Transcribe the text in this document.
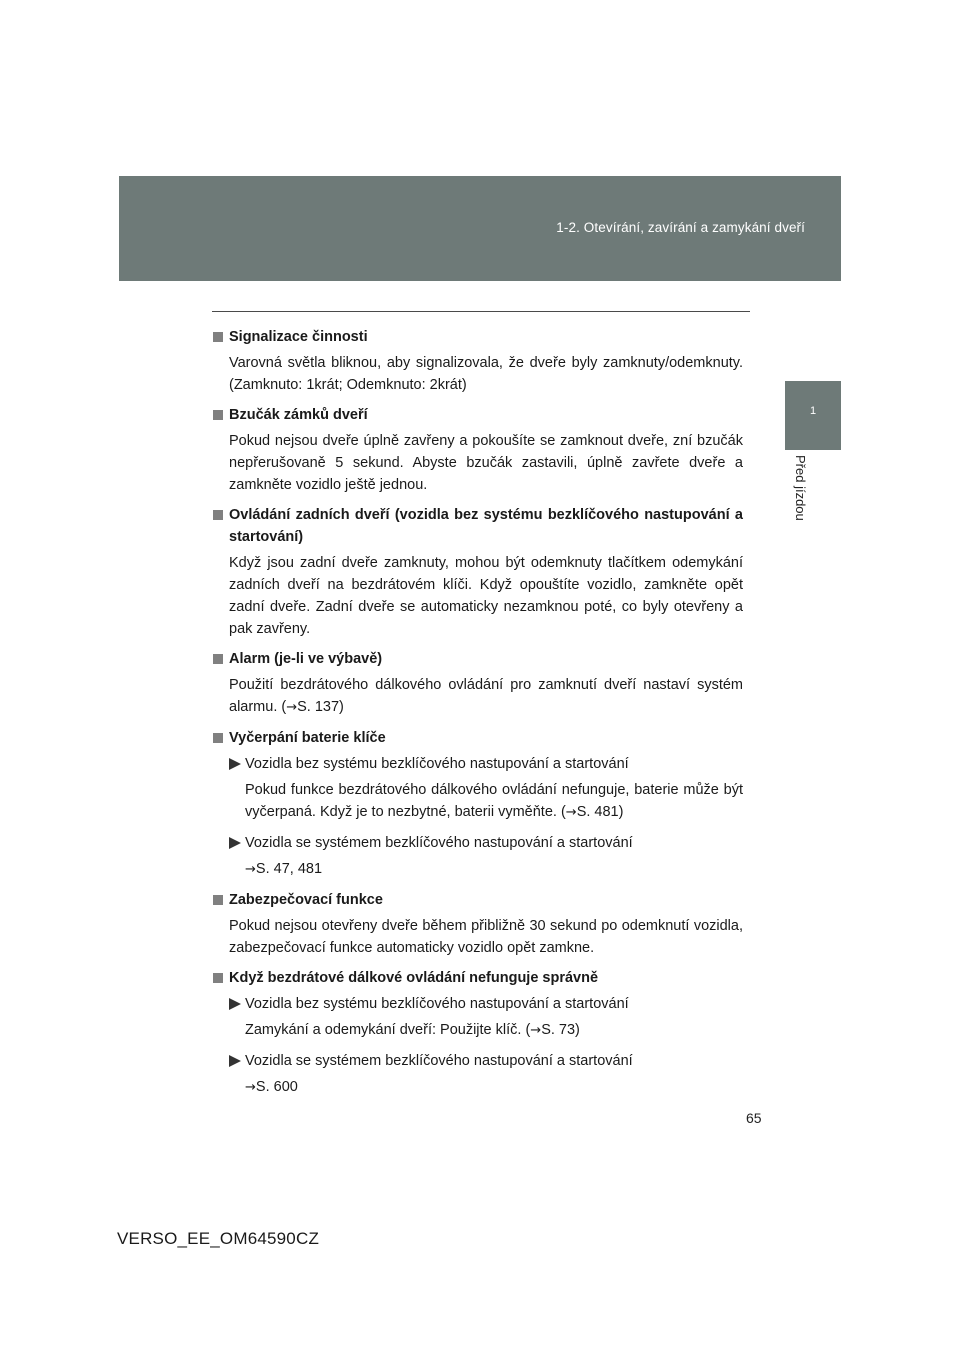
1-2. Otevírání, zavírání a zamykání dveří
1
Před jízdou
Signalizace činnosti

Varovná světla bliknou, aby signalizovala, že dveře byly zamknuty/odemknuty. (Zamknuto: 1krát; Odemknuto: 2krát)

Bzučák zámků dveří

Pokud nejsou dveře úplně zavřeny a pokoušíte se zamknout dveře, zní bzučák nepřerušovaně 5 sekund. Abyste bzučák zastavili, úplně zavřete dveře a zamkněte vozidlo ještě jednou.

Ovládání zadních dveří (vozidla bez systému bezklíčového nastupování a startování)

Když jsou zadní dveře zamknuty, mohou být odemknuty tlačítkem odemykání zadních dveří na bezdrátovém klíči. Když opouštíte vozidlo, zamkněte opět zadní dveře. Zadní dveře se automaticky nezamknou poté, co byly otevřeny a pak zavřeny.

Alarm (je-li ve výbavě)

Použití bezdrátového dálkového ovládání pro zamknutí dveří nastaví systém alarmu. (→S. 137)

Vyčerpání baterie klíče
Vozidla bez systému bezklíčového nastupování a startování

Pokud funkce bezdrátového dálkového ovládání nefunguje, baterie může být vyčerpaná. Když je to nezbytné, baterii vyměňte. (→S. 481)

Vozidla se systémem bezklíčového nastupování a startování

→S. 47, 481

Zabezpečovací funkce

Pokud nejsou otevřeny dveře během přibližně 30 sekund po odemknutí vozidla, zabezpečovací funkce automaticky vozidlo opět zamkne.

Když bezdrátové dálkové ovládání nefunguje správně
Vozidla bez systému bezklíčového nastupování a startování

Zamykání a odemykání dveří: Použijte klíč. (→S. 73)

Vozidla se systémem bezklíčového nastupování a startování

→S. 600

65
VERSO_EE_OM64590CZ
